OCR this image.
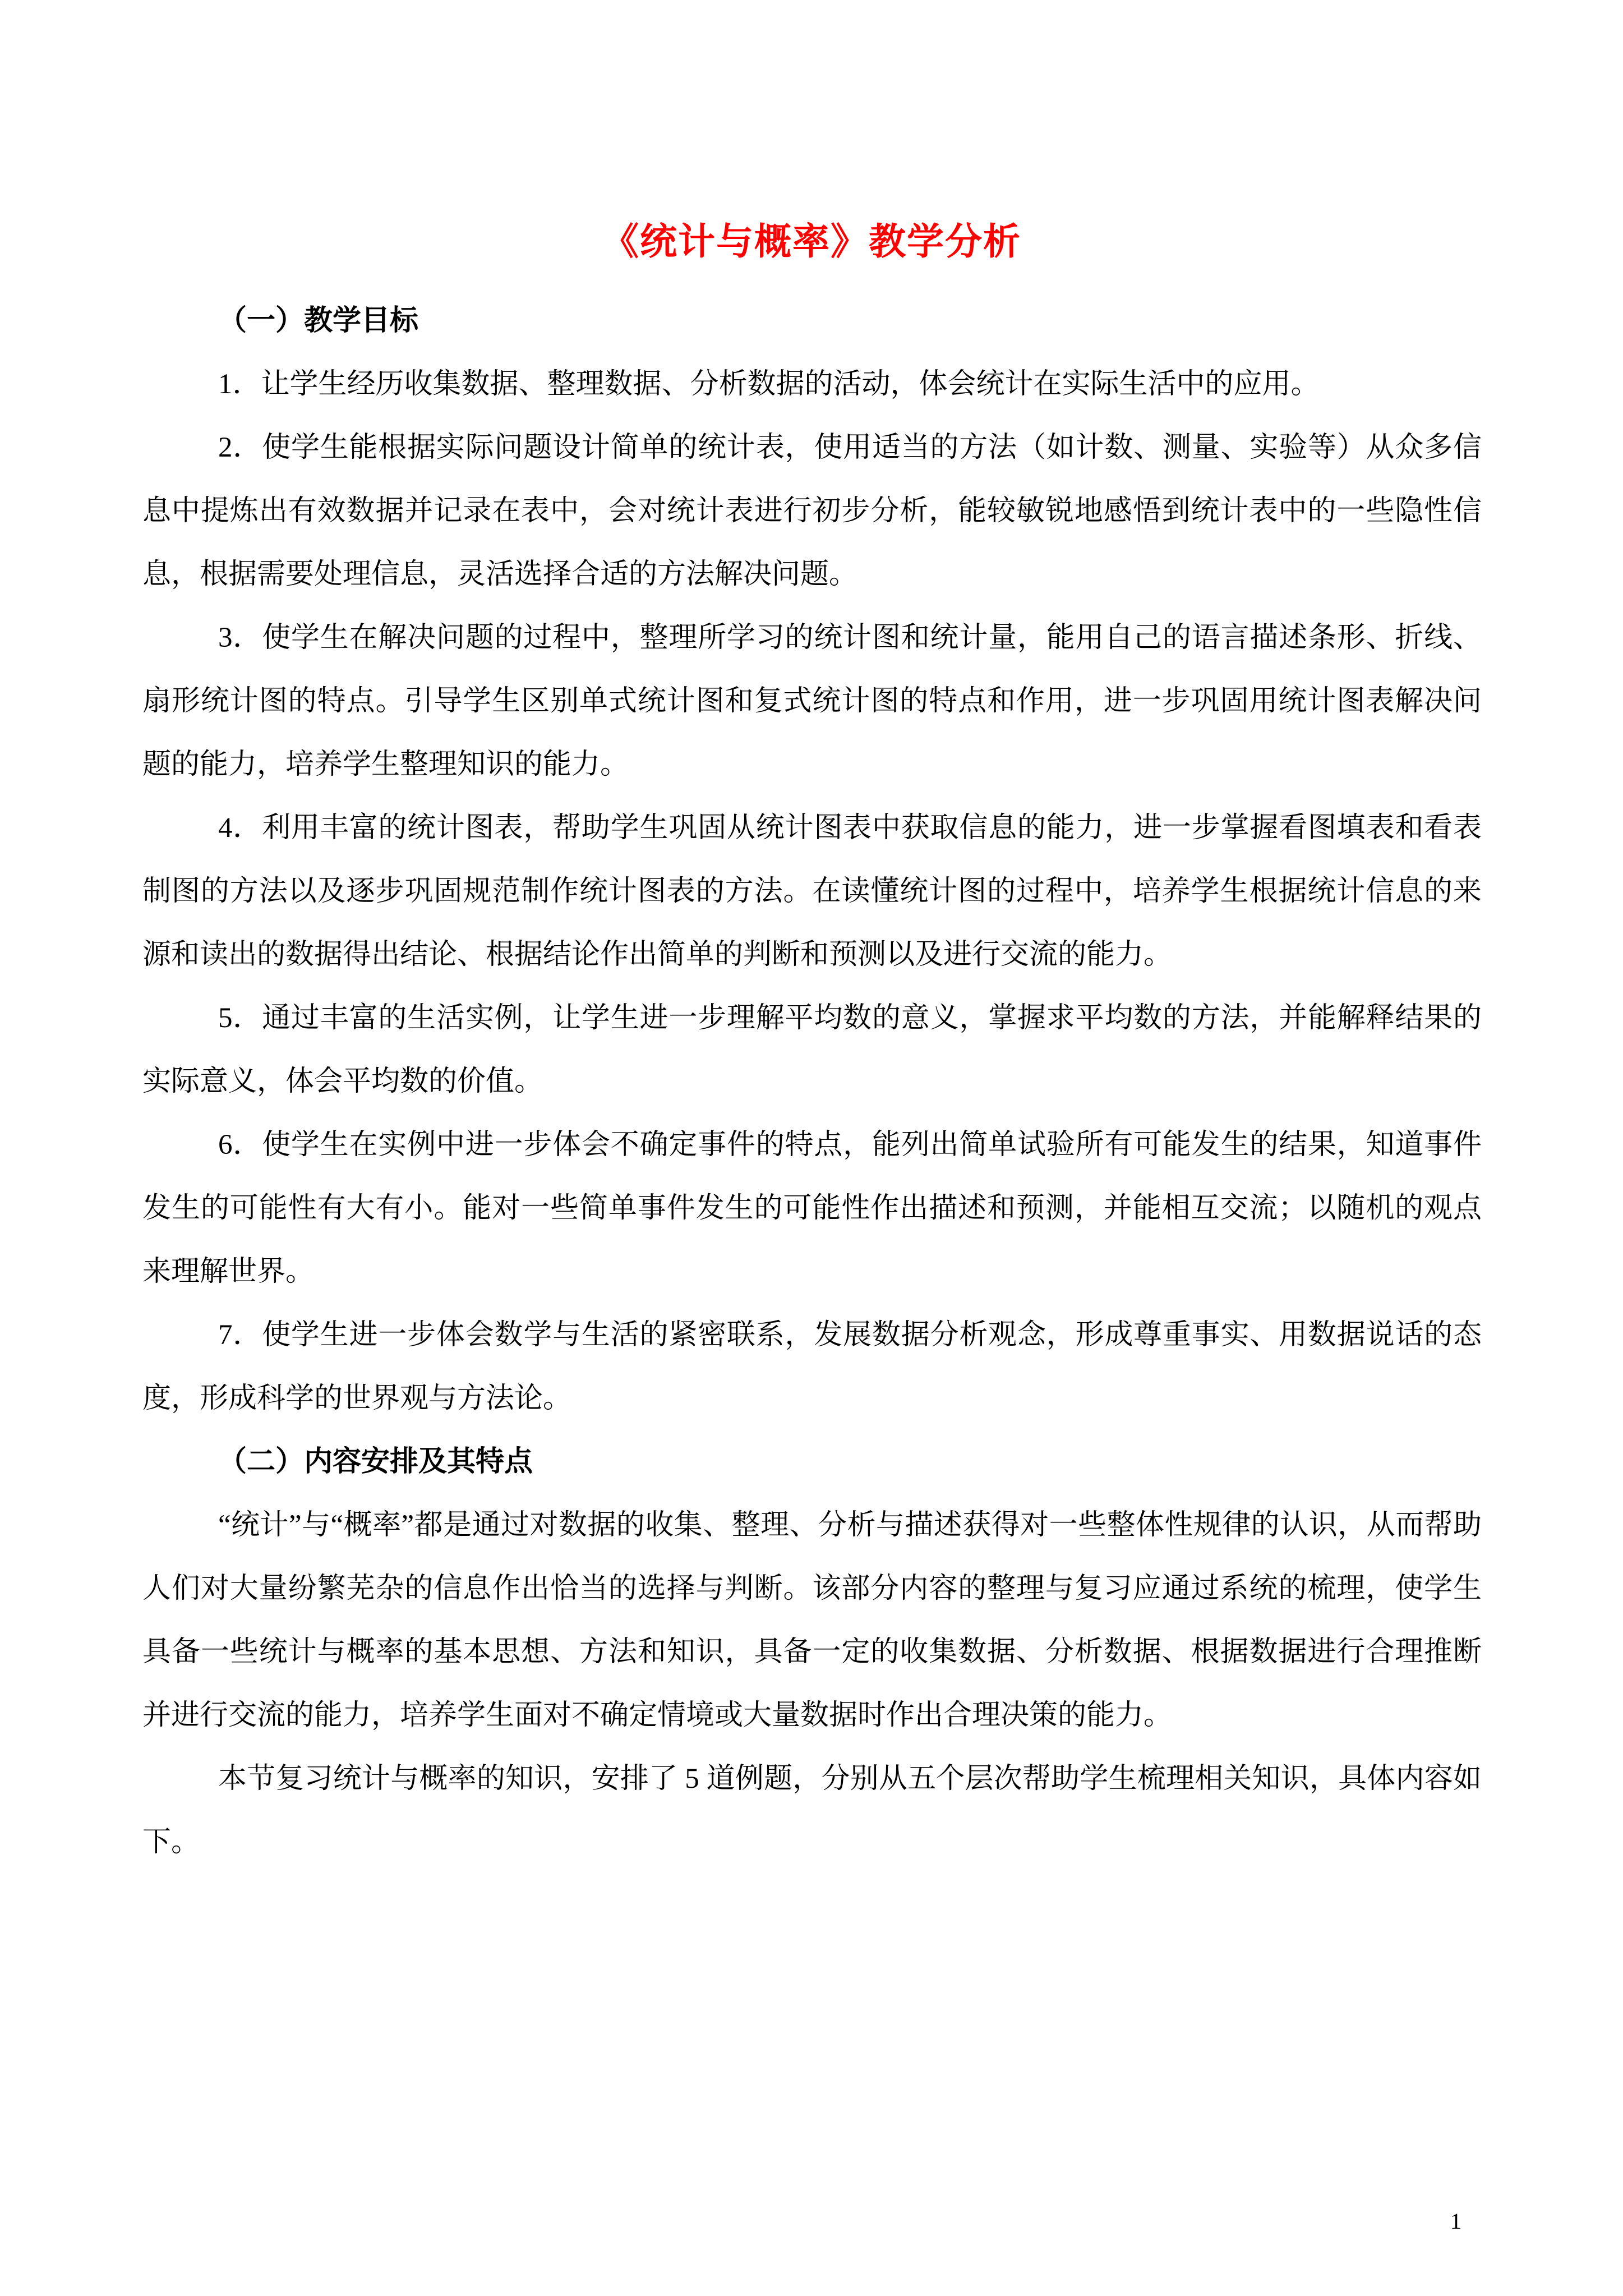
《统计与概率》教学分析

（一）教学目标

1．让学生经历收集数据、整理数据、分析数据的活动，体会统计在实际生活中的应用。

2．使学生能根据实际问题设计简单的统计表，使用适当的方法（如计数、测量、实验等）从众多信息中提炼出有效数据并记录在表中，会对统计表进行初步分析，能较敏锐地感悟到统计表中的一些隐性信息，根据需要处理信息，灵活选择合适的方法解决问题。

3．使学生在解决问题的过程中，整理所学习的统计图和统计量，能用自己的语言描述条形、折线、扇形统计图的特点。引导学生区别单式统计图和复式统计图的特点和作用，进一步巩固用统计图表解决问题的能力，培养学生整理知识的能力。

4．利用丰富的统计图表，帮助学生巩固从统计图表中获取信息的能力，进一步掌握看图填表和看表制图的方法以及逐步巩固规范制作统计图表的方法。在读懂统计图的过程中，培养学生根据统计信息的来源和读出的数据得出结论、根据结论作出简单的判断和预测以及进行交流的能力。

5．通过丰富的生活实例，让学生进一步理解平均数的意义，掌握求平均数的方法，并能解释结果的实际意义，体会平均数的价值。

6．使学生在实例中进一步体会不确定事件的特点，能列出简单试验所有可能发生的结果，知道事件发生的可能性有大有小。能对一些简单事件发生的可能性作出描述和预测，并能相互交流；以随机的观点来理解世界。

7．使学生进一步体会数学与生活的紧密联系，发展数据分析观念，形成尊重事实、用数据说话的态度，形成科学的世界观与方法论。

（二）内容安排及其特点

“统计”与“概率”都是通过对数据的收集、整理、分析与描述获得对一些整体性规律的认识，从而帮助人们对大量纷繁芜杂的信息作出恰当的选择与判断。该部分内容的整理与复习应通过系统的梳理，使学生具备一些统计与概率的基本思想、方法和知识，具备一定的收集数据、分析数据、根据数据进行合理推断并进行交流的能力，培养学生面对不确定情境或大量数据时作出合理决策的能力。

本节复习统计与概率的知识，安排了 5 道例题，分别从五个层次帮助学生梳理相关知识，具体内容如下。

1
